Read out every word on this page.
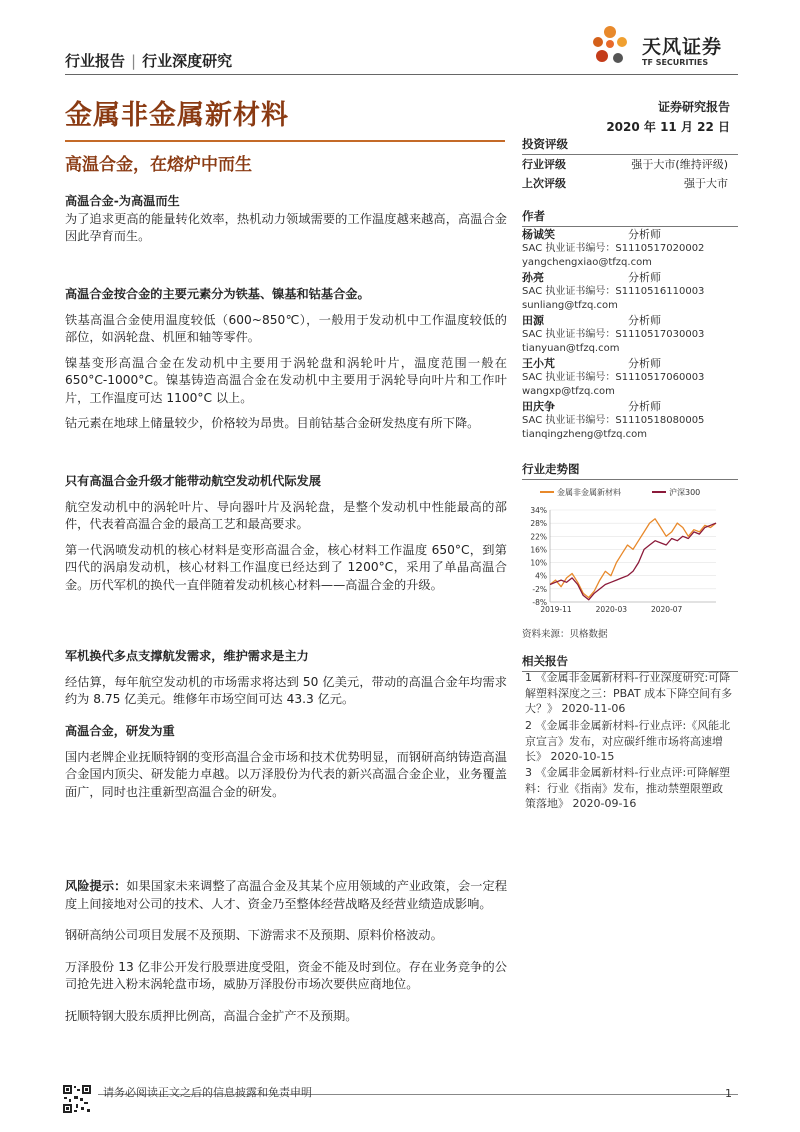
行业报告 | 行业深度研究
天风证券
TF SECURITIES
金属非金属新材料	证券研究报告
2020 年 11 月 22 日
高温合金，在熔炉中而生
高温合金-为高温而生
为了追求更高的能量转化效率，热机动力领域需要的工作温度越来越高，高温合金因此孕育而生。
高温合金按合金的主要元素分为铁基、镍基和钴基合金。
铁基高温合金使用温度较低（600~850℃），一般用于发动机中工作温度较低的部位，如涡轮盘、机匣和轴等零件。
镍基变形高温合金在发动机中主要用于涡轮盘和涡轮叶片，温度范围一般在650°C-1000°C。镍基铸造高温合金在发动机中主要用于涡轮导向叶片和工作叶片，工作温度可达 1100°C 以上。
钴元素在地球上储量较少，价格较为昂贵。目前钴基合金研发热度有所下降。
只有高温合金升级才能带动航空发动机代际发展
航空发动机中的涡轮叶片、导向器叶片及涡轮盘，是整个发动机中性能最高的部件，代表着高温合金的最高工艺和最高要求。
第一代涡喷发动机的核心材料是变形高温合金，核心材料工作温度 650°C，到第四代的涡扇发动机，核心材料工作温度已经达到了 1200°C，采用了单晶高温合金。历代军机的换代一直伴随着发动机核心材料——高温合金的升级。
军机换代多点支撑航发需求，维护需求是主力
经估算，每年航空发动机的市场需求将达到 50 亿美元，带动的高温合金年均需求约为 8.75 亿美元。维修年市场空间可达 43.3 亿元。
高温合金，研发为重
国内老牌企业抚顺特钢的变形高温合金市场和技术优势明显，而钢研高纳铸造高温合金国内顶尖、研发能力卓越。以万泽股份为代表的新兴高温合金企业，业务覆盖面广，同时也注重新型高温合金的研发。
风险提示：如果国家未来调整了高温合金及其某个应用领域的产业政策，会一定程度上间接地对公司的技术、人才、资金乃至整体经营战略及经营业绩造成影响。
钢研高纳公司项目发展不及预期、下游需求不及预期、原料价格波动。
万泽股份 13 亿非公开发行股票进度受阻，资金不能及时到位。存在业务竞争的公司抢先进入粉末涡轮盘市场，威胁万泽股份市场次要供应商地位。
抚顺特钢大股东质押比例高，高温合金扩产不及预期。
投资评级
行业评级	强于大市(维持评级)
上次评级	强于大市
作者
杨诚笑	分析师
SAC 执业证书编号：S1110517020002
yangchengxiao@tfzq.com
孙亮	分析师
SAC 执业证书编号：S1110516110003
sunliang@tfzq.com
田源	分析师
SAC 执业证书编号：S1110517030003
tianyuan@tfzq.com
王小芃	分析师
SAC 执业证书编号：S1110517060003
wangxp@tfzq.com
田庆争	分析师
SAC 执业证书编号：S1110518080005
tianqingzheng@tfzq.com
行业走势图
相关报告
金属非金属新材料	沪深300
34%
28%
22%
16%
10%
4%
-2%
-8%
2019-11	2020-03	2020-07
资料来源：贝格数据
1 《金属非金属新材料-行业深度研究:可降解塑料深度之三：PBAT 成本下降空间有多大？》 2020-11-06
2 《金属非金属新材料-行业点评:《风能北京宣言》发布，对应碳纤维市场将高速增长》 2020-10-15
3 《金属非金属新材料-行业点评:可降解塑料：行业《指南》发布，推动禁塑限塑政策落地》 2020-09-16
请务必阅读正文之后的信息披露和免责申明	1
